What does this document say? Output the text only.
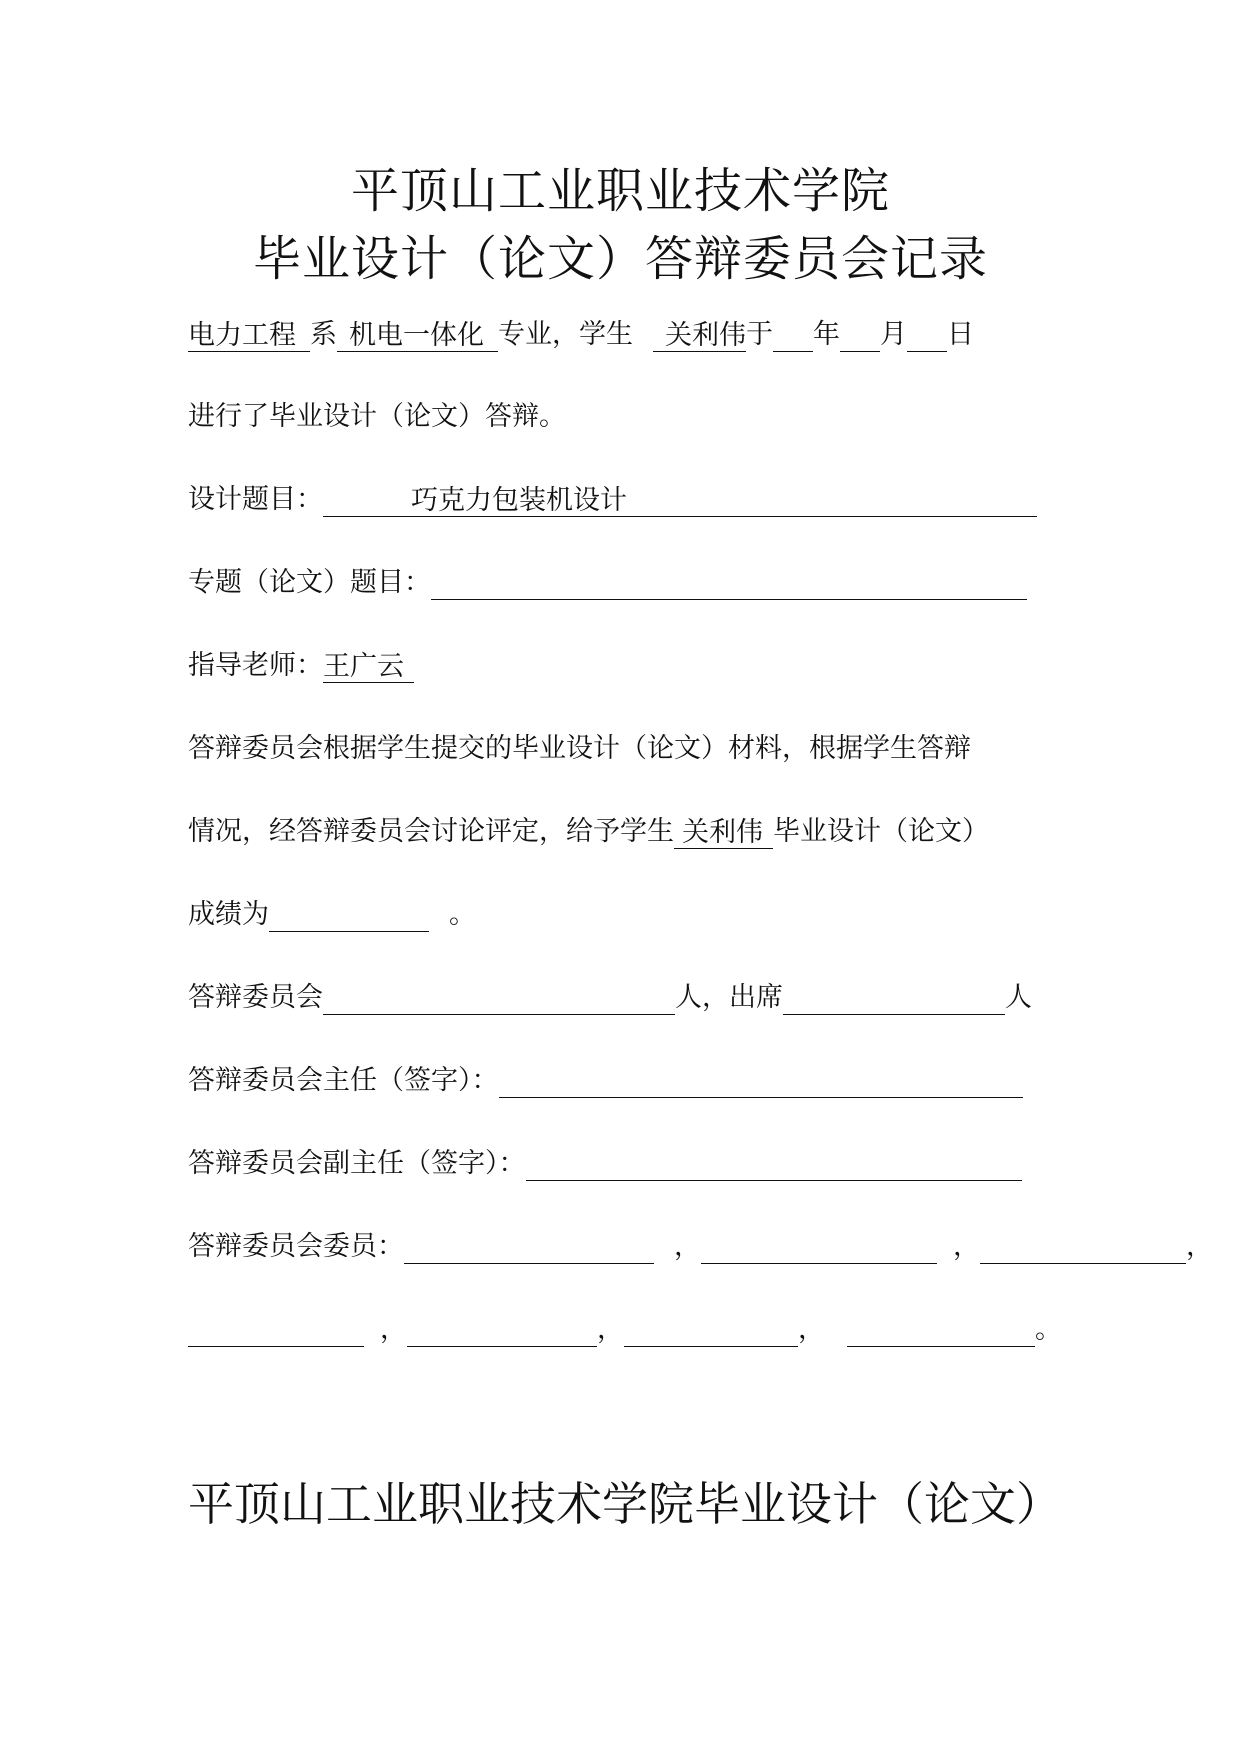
平顶山工业职业技术学院
毕业设计（论文）答辩委员会记录
电力工程 系 机电一体化 专业，学生 关利伟于 年 月 日
进行了毕业设计（论文）答辩。
设计题目：	巧克力包装机设计
专题（论文）题目：
指导老师：王广云
答辩委员会根据学生提交的毕业设计（论文）材料，根据学生答辩
情况，经答辩委员会讨论评定，给予学生 关利伟 毕业设计（论文）
成绩为	。
答辩委员会	人，出席	人
答辩委员会主任（签字）：
答辩委员会副主任（签字）：
答辩委员会委员：	，	，	，
，	，	，	。
平顶山工业职业技术学院毕业设计（论文）
